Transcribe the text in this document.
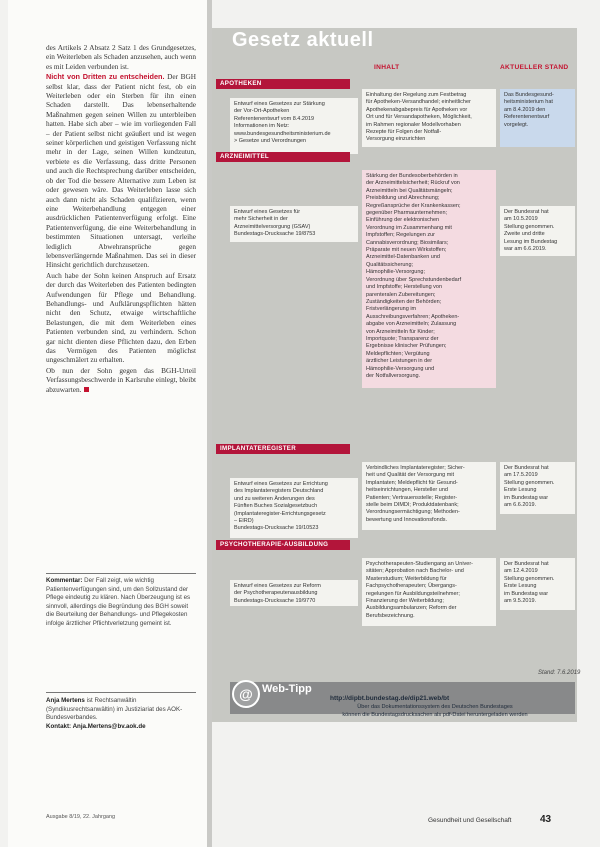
des Artikels 2 Absatz 2 Satz 1 des Grundgesetzes, ein Weiterleben als Schaden anzusehen, auch wenn es mit Leiden verbunden ist.

Nicht von Dritten zu entscheiden. Der BGH selbst klar, dass der Patient nicht fest, ob ein Weiterleben oder ein Sterben für ihn einen Schaden darstellt. Das lebenserhaltende Maßnahmen gegen seinen Willen zu unterbleiben hatten. Habe sich aber – wie im vorliegenden Fall – der Patient selbst nicht geäußert und ist wegen seiner körperlichen und geistigen Verfassung nicht mehr in der Lage, seinen Willen kundzutun, verbiete es die Verfassung, dass dritte Personen und auch die Rechtsprechung darüber entscheiden, ob der Tod die bessere Alternative zum Leben ist oder gewesen wäre. Das Weiterleben lasse sich auch dann nicht als Schaden qualifizieren, wenn eine Weiterbehandlung entgegen einer ausdrücklichen Patientenverfügung erfolgt. Eine Patientenverfügung, die eine Weiterbehandlung in bestimmten Situationen untersagt, verleihe lediglich Abwehransprüche gegen lebensverlängernde Maßnahmen. Das sei in dieser Hinsicht gerichtlich durchzusetzen.

Auch habe der Sohn keinen Anspruch auf Ersatz der durch das Weiterleben des Patienten bedingten Aufwendungen für Pflege und Behandlung. Behandlungs- und Aufklärungspflichten hätten nicht den Schutz, etwaige wirtschaftliche Belastungen, die mit dem Weiterleben eines Patienten verbunden sind, zu verhindern. Schon gar nicht dienten diese Pflichten dazu, den Erben das Vermögen des Patienten möglichst ungeschmälert zu erhalten.

Ob nun der Sohn gegen das BGH-Urteil Verfassungsbeschwerde in Karlsruhe einlegt, bleibt abzuwarten.

Kommentar: Der Fall zeigt, wie wichtig Patientenverfügungen sind, um den Sollzustand der Pflege eindeutig zu klären. Nach Überzeugung ist es sinnvoll, allerdings die Begründung des BGH soweit die Beurteilung der Behandlungs- und Pflegekosten infolge ärztlicher Pflichtverletzung gemeint ist.
Anja Mertens ist Rechtsanwältin (Syndikusrechtsanwältin) im Justiziariat des AOK-Bundesverbandes.
Kontakt: Anja.Mertens@bv.aok.de
Ausgabe 8/19, 22. Jahrgang
Gesetz aktuell
INHALT	AKTUELLER STAND
APOTHEKEN
Entwurf eines Gesetzes zur Stärkung
der Vor-Ort-Apotheken
Referentenentwurf vom 8.4.2019
Informationen im Netz:
www.bundesgesundheitsministerium.de
> Gesetze und Verordnungen
Einhaltung der Regelung zum Festbetrag
für Apotheken-Versandhandel; einheitlicher
Apothekenabgabepreis für Apotheken vor
Ort und für Versandapotheken, Möglichkeit,
im Rahmen regionaler Modellvorhaben
Rezepte für Folgen der Notfall-
Versorgung einzurichten
Das Bundesgesund-
heitsministerium hat
am 8.4.2019 den
Referentenentwurf
vorgelegt.
ARZNEIMITTEL
Entwurf eines Gesetzes für
mehr Sicherheit in der
Arzneimittelversorgung (GSAV)
Bundestags-Drucksache 19/8753
Stärkung der Bundesoberbehörden in
der Arzneimittelsicherheit; Rückruf von
Arzneimitteln bei Qualitätsmängeln;
Preisbildung und Abrechnung;
Regreßansprüche der Krankenkassen;
gegenüber Pharmaunternehmen;
Einführung der elektronischen
Verordnung im Zusammenhang mit
Impfstoffen; Regelungen zur
Cannabisverordnung; Biosimilars;
Präparate mit neuen Wirkstoffen;
Arzneimittel-Datenbanken und
Qualitätssicherung;
Hämophilie-Versorgung;
Verordnung über Sprechstundenbedarf
und Impfstoffe; Herstellung von
parenteralen Zubereitungen;
Zuständigkeiten der Behörden;
Fristverlängerung im
Ausschreibungsverfahren; Apotheken-
abgabe von Arzneimitteln; Zulassung
von Arzneimitteln für Kinder;
Importquote; Transparenz der
Ergebnisse klinischer Prüfungen;
Meldepflichten; Vergütung
ärztlicher Leistungen in der
Hämophilie-Versorgung und
der Notfallversorgung.
Der Bundesrat hat
am 10.5.2019
Stellung genommen.
Zweite und dritte
Lesung im Bundestag
war am 6.6.2019.
IMPLANTATEREGISTER
Entwurf eines Gesetzes zur Errichtung
des Implantateregisters Deutschland
und zu weiteren Änderungen des
Fünften Buches Sozialgesetzbuch
(Implantateregister-Errichtungsgesetz
– EIRD)
Bundestags-Drucksache 19/10523
Verbindliches Implantateregister; Sicher-
heit und Qualität der Versorgung mit
Implantaten; Meldepflicht für Gesund-
heitseinrichtungen, Hersteller und
Patienten; Vertrauensstelle; Register-
stelle beim DIMDI; Produktdatenbank;
Verordnungsermächtigung; Methoden-
bewertung und Innovationsfonds.
Der Bundesrat hat
am 17.5.2019
Stellung genommen.
Erste Lesung
im Bundestag war
am 6.6.2019.
PSYCHOTHERAPIE-AUSBILDUNG
Entwurf eines Gesetzes zur Reform
der Psychotherapeutenausbildung
Bundestags-Drucksache 19/9770
Psychotherapeuten-Studiengang an Univer-
sitäten; Approbation nach Bachelor- und
Masterstudium; Weiterbildung für
Fachpsychotherapeuten; Übergangs-
regelungen für Ausbildungsteilnehmer;
Finanzierung der Weiterbildung;
Ausbildungsambulanzen; Reform der
Berufsbezeichnung.
Der Bundesrat hat
am 12.4.2019
Stellung genommen.
Erste Lesung
im Bundestag war
am 9.5.2019.
Stand: 7.6.2019
@ Web-Tipp
http://dipbt.bundestag.de/dip21.web/bt
Über das Dokumentationssystem des Deutschen Bundestages
können die Bundestagsdrucksachen als pdf-Datei heruntergeladen werden
Gesundheit und Gesellschaft	43
